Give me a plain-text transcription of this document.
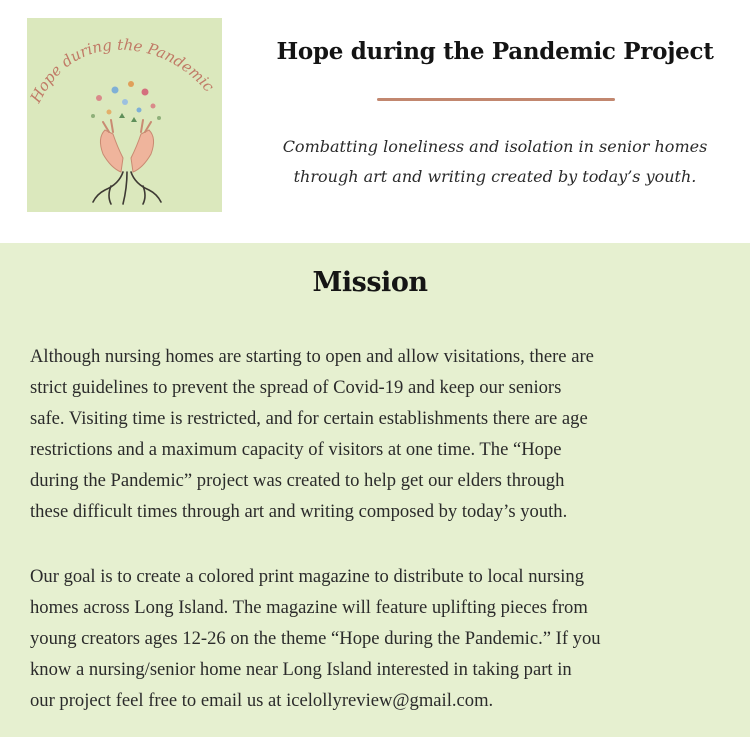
Hope during the Pandemic
Hope during the Pandemic Project
Combatting loneliness and isolation in senior homes
through art and writing created by today’s youth.
Mission
Although nursing homes are starting to open and allow visitations, there are
strict guidelines to prevent the spread of Covid-19 and keep our seniors
safe. Visiting time is restricted, and for certain establishments there are age
restrictions and a maximum capacity of visitors at one time. The “Hope
during the Pandemic” project was created to help get our elders through
these difficult times through art and writing composed by today’s youth.
Our goal is to create a colored print magazine to distribute to local nursing
homes across Long Island. The magazine will feature uplifting pieces from
young creators ages 12-26 on the theme “Hope during the Pandemic.” If you
know a nursing/senior home near Long Island interested in taking part in
our project feel free to email us at icelollyreview@gmail.com.
